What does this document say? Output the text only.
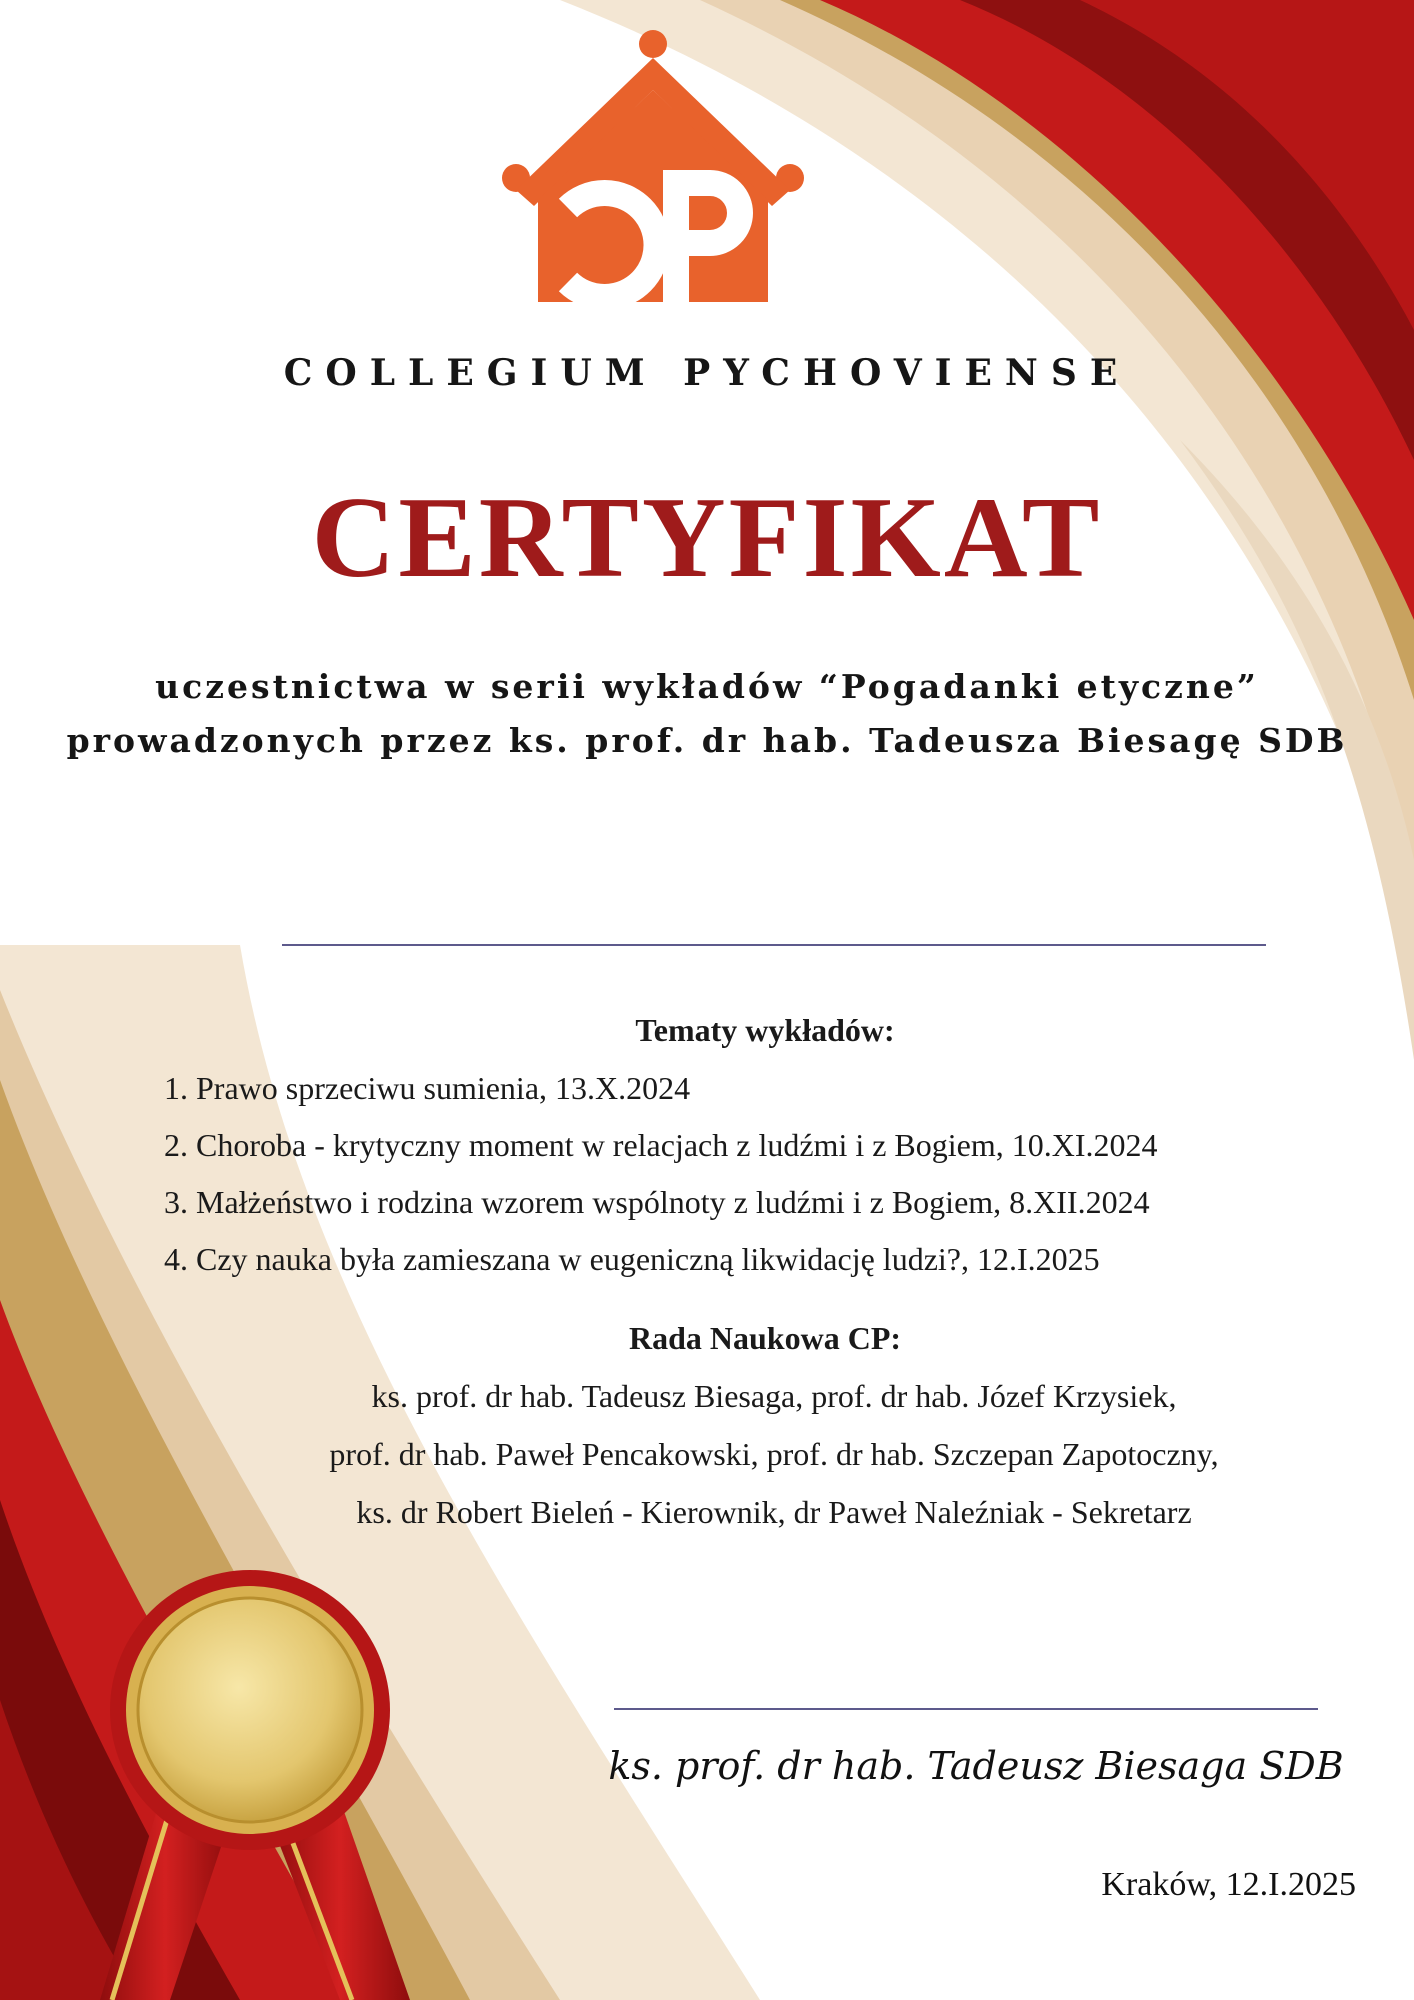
COLLEGIUM PYCHOVIENSE
CERTYFIKAT
uczestnictwa w serii wykładów “Pogadanki etyczne”
prowadzonych przez ks. prof. dr hab. Tadeusza Biesagę SDB
Tematy wykładów:
1. Prawo sprzeciwu sumienia, 13.X.2024
2. Choroba - krytyczny moment w relacjach z ludźmi i z Bogiem, 10.XI.2024
3. Małżeństwo i rodzina wzorem wspólnoty z ludźmi i z Bogiem, 8.XII.2024
4. Czy nauka była zamieszana w eugeniczną likwidację ludzi?, 12.I.2025
Rada Naukowa CP:
ks. prof. dr hab. Tadeusz Biesaga, prof. dr hab. Józef Krzysiek,
prof. dr hab. Paweł Pencakowski, prof. dr hab. Szczepan Zapotoczny,
ks. dr Robert Bieleń - Kierownik, dr Paweł Naleźniak - Sekretarz
ks. prof. dr hab. Tadeusz Biesaga SDB
Kraków, 12.I.2025
